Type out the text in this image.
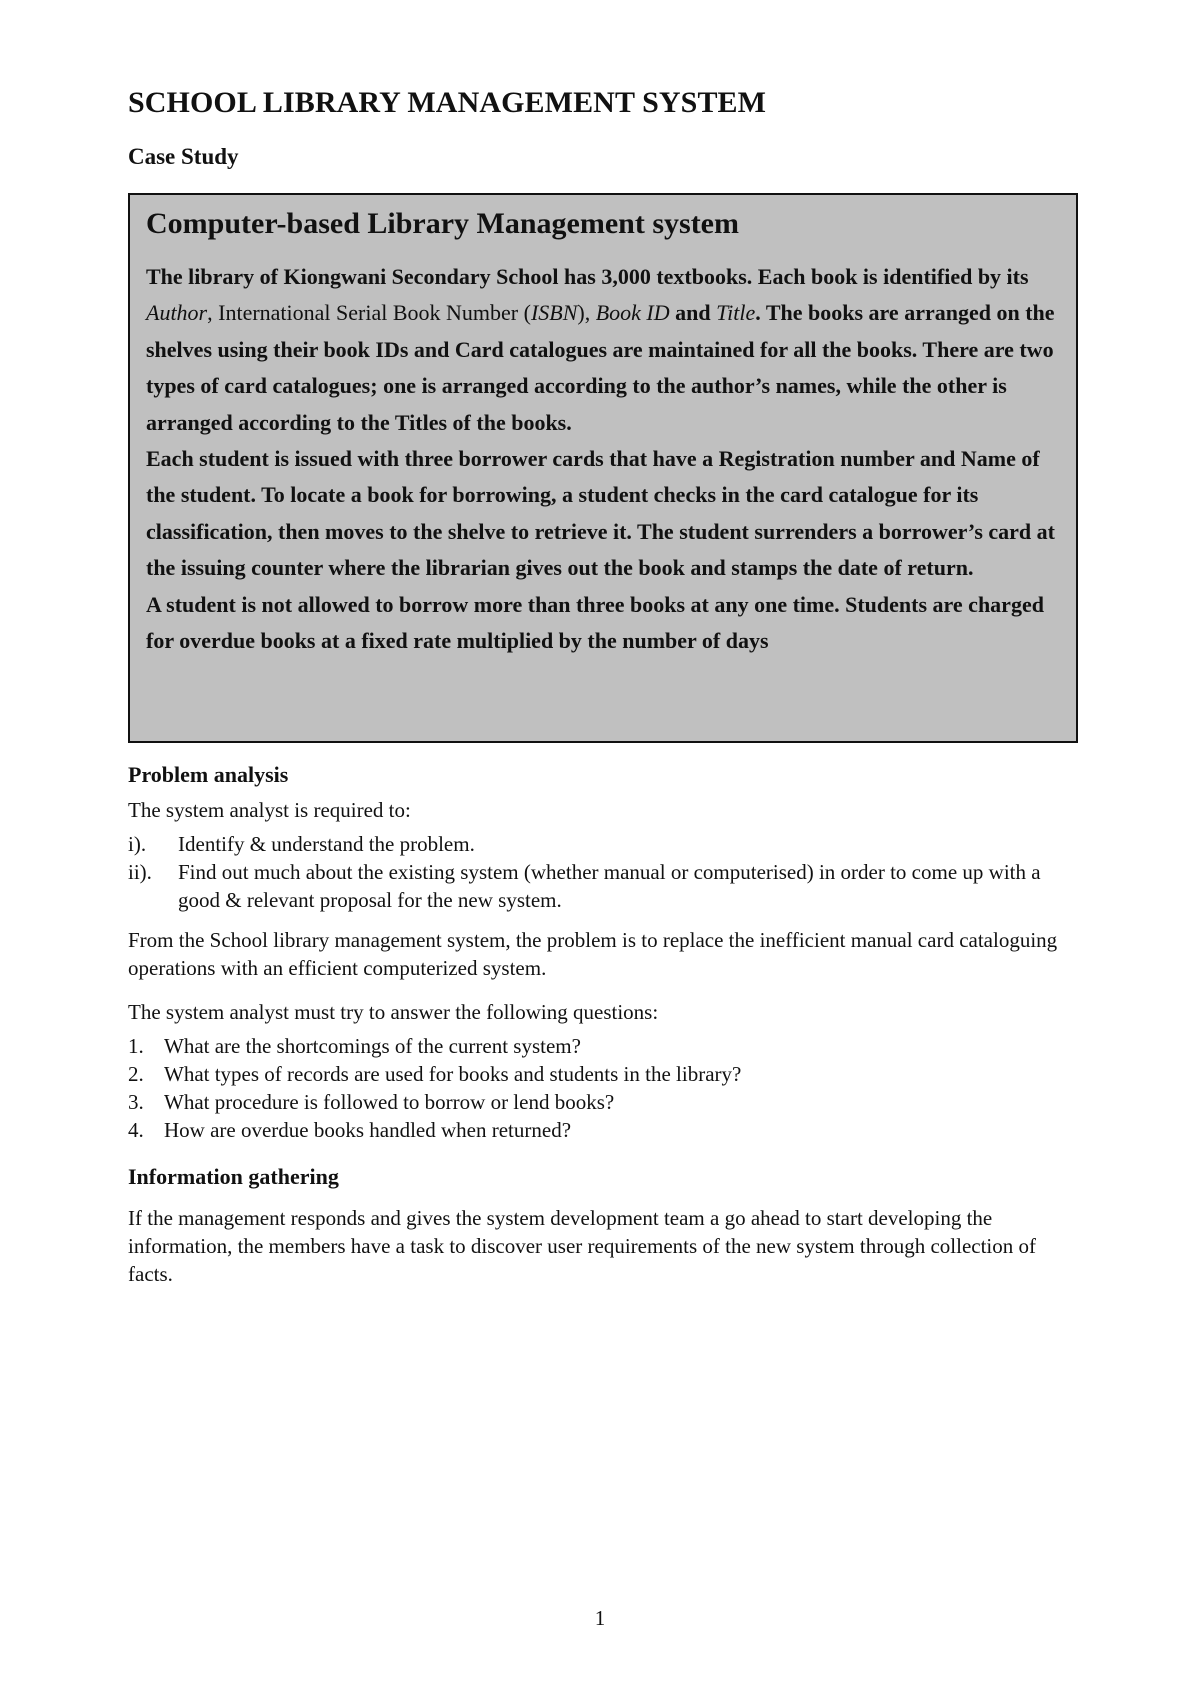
SCHOOL LIBRARY MANAGEMENT SYSTEM
Case Study
Computer-based Library Management system

The library of Kiongwani Secondary School has 3,000 textbooks. Each book is identified by its Author, International Serial Book Number (ISBN), Book ID and Title. The books are arranged on the shelves using their book IDs and Card catalogues are maintained for all the books. There are two types of card catalogues; one is arranged according to the author’s names, while the other is arranged according to the Titles of the books.

Each student is issued with three borrower cards that have a Registration number and Name of the student. To locate a book for borrowing, a student checks in the card catalogue for its classification, then moves to the shelve to retrieve it. The student surrenders a borrower’s card at the issuing counter where the librarian gives out the book and stamps the date of return.

A student is not allowed to borrow more than three books at any one time. Students are charged for overdue books at a fixed rate multiplied by the number of days

Problem analysis

The system analyst is required to:

i). Identify & understand the problem.
ii). Find out much about the existing system (whether manual or computerised) in order to come up with a good & relevant proposal for the new system.

From the School library management system, the problem is to replace the inefficient manual card cataloguing operations with an efficient computerized system.

The system analyst must try to answer the following questions:

1. What are the shortcomings of the current system?
2. What types of records are used for books and students in the library?
3. What procedure is followed to borrow or lend books?
4. How are overdue books handled when returned?
Information gathering

If the management responds and gives the system development team a go ahead to start developing the information, the members have a task to discover user requirements of the new system through collection of facts.

1
